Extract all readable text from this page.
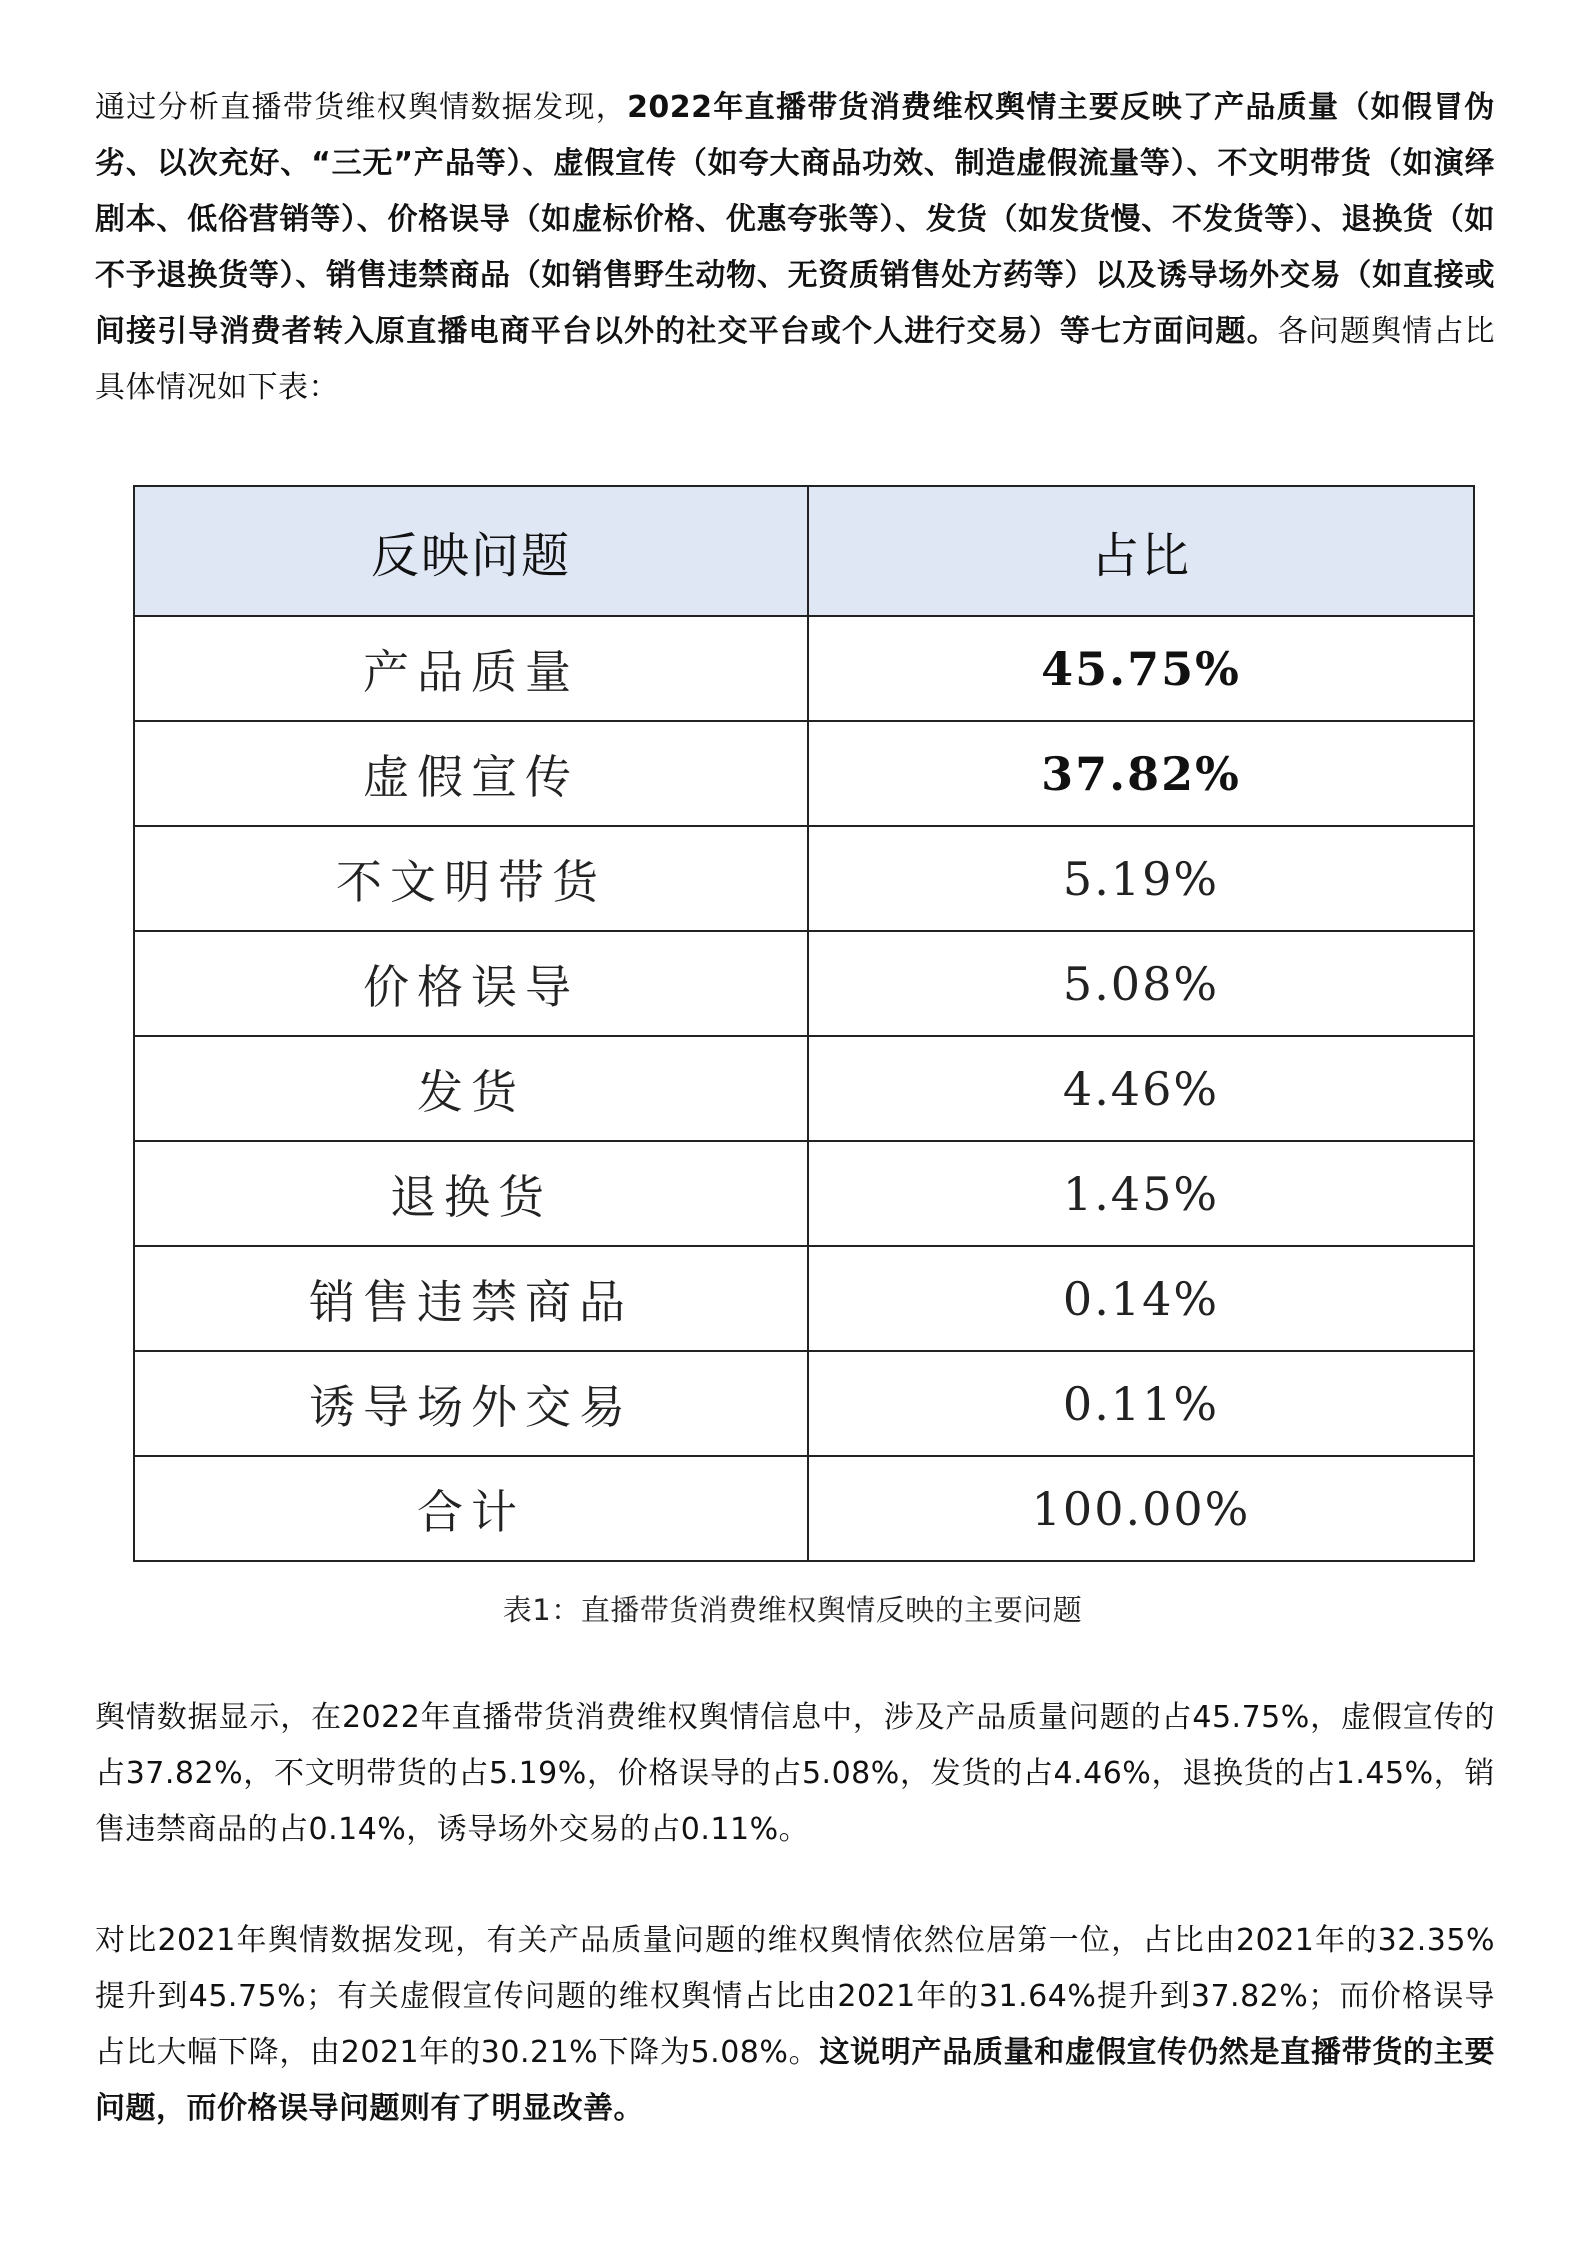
通过分析直播带货维权舆情数据发现，2022年直播带货消费维权舆情主要反映了产品质量（如假冒伪劣、以次充好、“三无”产品等）、虚假宣传（如夸大商品功效、制造虚假流量等）、不文明带货（如演绎剧本、低俗营销等）、价格误导（如虚标价格、优惠夸张等）、发货（如发货慢、不发货等）、退换货（如不予退换货等）、销售违禁商品（如销售野生动物、无资质销售处方药等）以及诱导场外交易（如直接或间接引导消费者转入原直播电商平台以外的社交平台或个人进行交易）等七方面问题。各问题舆情占比具体情况如下表：

反映问题	占比
产品质量	45.75%
虚假宣传	37.82%
不文明带货	5.19%
价格误导	5.08%
发货	4.46%
退换货	1.45%
销售违禁商品	0.14%
诱导场外交易	0.11%
合计	100.00%
表1：直播带货消费维权舆情反映的主要问题

舆情数据显示，在2022年直播带货消费维权舆情信息中，涉及产品质量问题的占45.75%，虚假宣传的占37.82%，不文明带货的占5.19%，价格误导的占5.08%，发货的占4.46%，退换货的占1.45%，销售违禁商品的占0.14%，诱导场外交易的占0.11%。

对比2021年舆情数据发现，有关产品质量问题的维权舆情依然位居第一位，占比由2021年的32.35%提升到45.75%；有关虚假宣传问题的维权舆情占比由2021年的31.64%提升到37.82%；而价格误导占比大幅下降，由2021年的30.21%下降为5.08%。这说明产品质量和虚假宣传仍然是直播带货的主要问题，而价格误导问题则有了明显改善。
